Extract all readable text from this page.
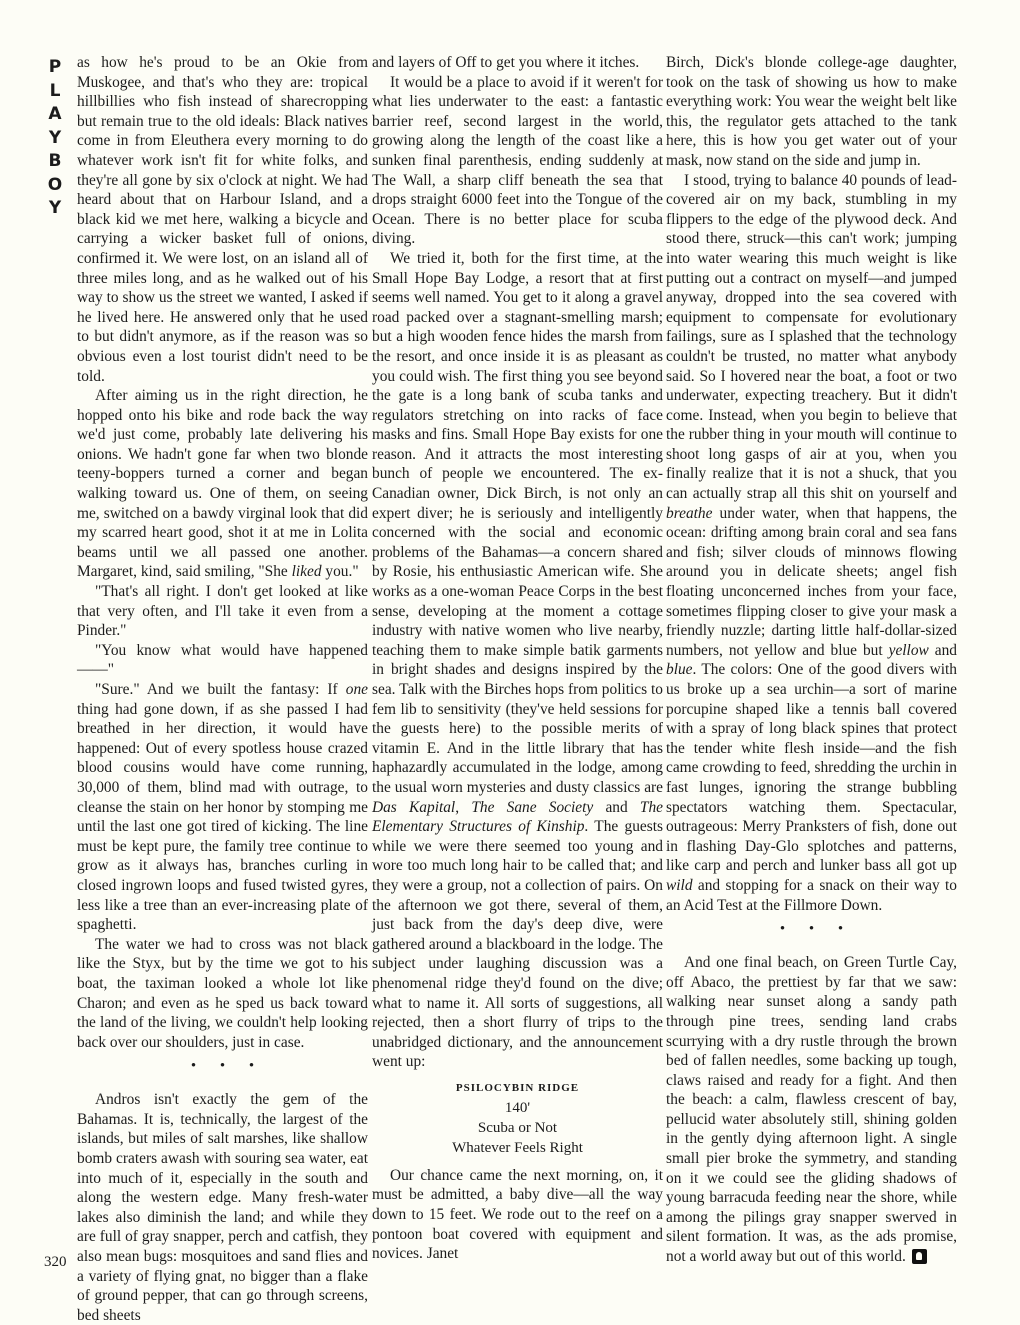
P
L
A
Y
B
O
Y
320

as how he's proud to be an Okie from Muskogee, and that's who they are: tropical hillbillies who fish instead of sharecropping but remain true to the old ideals: Black natives come in from Eleuthera every morning to do whatever work isn't fit for white folks, and they're all gone by six o'clock at night. We had heard about that on Harbour Island, and a black kid we met here, walking a bicycle and carrying a wicker basket full of onions, confirmed it. We were lost, on an island all of three miles long, and as he walked out of his way to show us the street we wanted, I asked if he lived here. He answered only that he used to but didn't anymore, as if the reason was so obvious even a lost tourist didn't need to be told.

After aiming us in the right direction, he hopped onto his bike and rode back the way we'd just come, probably late delivering his onions. We hadn't gone far when two blonde teeny-boppers turned a corner and began walking toward us. One of them, on seeing me, switched on a bawdy virginal look that did my scarred heart good, shot it at me in Lolita beams until we all passed one another. Margaret, kind, said smiling, "She liked you."

"That's all right. I don't get looked at like that very often, and I'll take it even from a Pinder."

"You know what would have happened——"

"Sure." And we built the fantasy: If one thing had gone down, if as she passed I had breathed in her direction, it would have happened: Out of every spotless house crazed blood cousins would have come running, 30,000 of them, blind mad with outrage, to cleanse the stain on her honor by stomping me until the last one got tired of kicking. The line must be kept pure, the family tree continue to grow as it always has, branches curling in closed ingrown loops and fused twisted gyres, less like a tree than an ever-increasing plate of spaghetti.

The water we had to cross was not black like the Styx, but by the time we got to his boat, the taximan looked a whole lot like Charon; and even as he sped us back toward the land of the living, we couldn't help looking back over our shoulders, just in case.

• • •

Andros isn't exactly the gem of the Bahamas. It is, technically, the largest of the islands, but miles of salt marshes, like shallow bomb craters awash with souring sea water, eat into much of it, especially in the south and along the western edge. Many fresh-water lakes also diminish the land; and while they are full of gray snapper, perch and catfish, they also mean bugs: mosquitoes and sand flies and a variety of flying gnat, no bigger than a flake of ground pepper, that can go through screens, bed sheets

and layers of Off to get you where it itches.

It would be a place to avoid if it weren't for what lies underwater to the east: a fantastic barrier reef, second largest in the world, growing along the length of the coast like a sunken final parenthesis, ending suddenly at The Wall, a sharp cliff beneath the sea that drops straight 6000 feet into the Tongue of the Ocean. There is no better place for scuba diving.

We tried it, both for the first time, at the Small Hope Bay Lodge, a resort that at first seems well named. You get to it along a gravel road packed over a stagnant-smelling marsh; but a high wooden fence hides the marsh from the resort, and once inside it is as pleasant as you could wish. The first thing you see beyond the gate is a long bank of scuba tanks and regulators stretching on into racks of face masks and fins. Small Hope Bay exists for one reason. And it attracts the most interesting bunch of people we encountered. The ex-Canadian owner, Dick Birch, is not only an expert diver; he is seriously and intelligently concerned with the social and economic problems of the Bahamas—a concern shared by Rosie, his enthusiastic American wife. She works as a one-woman Peace Corps in the best sense, developing at the moment a cottage industry with native women who live nearby, teaching them to make simple batik garments in bright shades and designs inspired by the sea. Talk with the Birches hops from politics to fem lib to sensitivity (they've held sessions for the guests here) to the possible merits of vitamin E. And in the little library that has haphazardly accumulated in the lodge, among the usual worn mysteries and dusty classics are Das Kapital, The Sane Society and The Elementary Structures of Kinship. The guests while we were there seemed too young and wore too much long hair to be called that; and they were a group, not a collection of pairs. On the afternoon we got there, several of them, just back from the day's deep dive, were gathered around a blackboard in the lodge. The subject under laughing discussion was a phenomenal ridge they'd found on the dive; what to name it. All sorts of suggestions, all rejected, then a short flurry of trips to the unabridged dictionary, and the announcement went up:

PSILOCYBIN RIDGE
140'
Scuba or Not
Whatever Feels Right

Our chance came the next morning, on, it must be admitted, a baby dive—all the way down to 15 feet. We rode out to the reef on a pontoon boat covered with equipment and novices. Janet

Birch, Dick's blonde college-age daughter, took on the task of showing us how to make everything work: You wear the weight belt like this, the regulator gets attached to the tank here, this is how you get water out of your mask, now stand on the side and jump in.

I stood, trying to balance 40 pounds of lead-covered air on my back, stumbling in my flippers to the edge of the plywood deck. And stood there, struck—this can't work; jumping into water wearing this much weight is like putting out a contract on myself—and jumped anyway, dropped into the sea covered with equipment to compensate for evolutionary failings, sure as I splashed that the technology couldn't be trusted, no matter what anybody said. So I hovered near the boat, a foot or two underwater, expecting treachery. But it didn't come. Instead, when you begin to believe that the rubber thing in your mouth will continue to shoot long gasps of air at you, when you finally realize that it is not a shuck, that you can actually strap all this shit on yourself and breathe under water, when that happens, the ocean: drifting among brain coral and sea fans and fish; silver clouds of minnows flowing around you in delicate sheets; angel fish floating unconcerned inches from your face, sometimes flipping closer to give your mask a friendly nuzzle; darting little half-dollar-sized numbers, not yellow and blue but yellow and blue. The colors: One of the good divers with us broke up a sea urchin—a sort of marine porcupine shaped like a tennis ball covered with a spray of long black spines that protect the tender white flesh inside—and the fish came crowding to feed, shredding the urchin in fast lunges, ignoring the strange bubbling spectators watching them. Spectacular, outrageous: Merry Pranksters of fish, done out in flashing Day-Glo splotches and patterns, like carp and perch and lunker bass all got up wild and stopping for a snack on their way to an Acid Test at the Fillmore Down.

• • •

And one final beach, on Green Turtle Cay, off Abaco, the prettiest by far that we saw: walking near sunset along a sandy path through pine trees, sending land crabs scurrying with a dry rustle through the brown bed of fallen needles, some backing up tough, claws raised and ready for a fight. And then the beach: a calm, flawless crescent of bay, pellucid water absolutely still, shining golden in the gently dying afternoon light. A single small pier broke the symmetry, and standing on it we could see the gliding shadows of young barracuda feeding near the shore, while among the pilings gray snapper swerved in silent formation. It was, as the ads promise, not a world away but out of this world.
